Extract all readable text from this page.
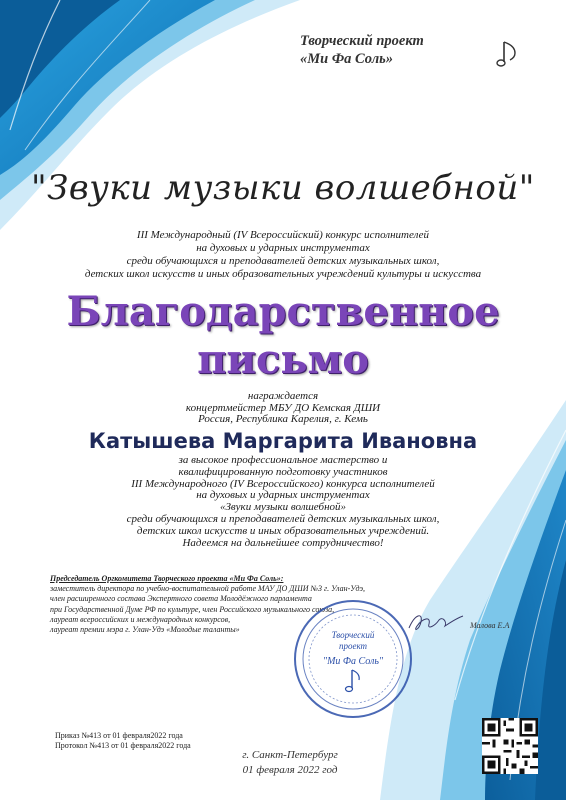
Творческий проект
«Ми Фа Соль»
"Звуки музыки волшебной"
III Международный (IV Всероссийский) конкурс исполнителей
на духовых и ударных инструментах
среди обучающихся и преподавателей детских музыкальных школ,
детских школ искусств и иных образовательных учреждений культуры и искусства
Благодарственное
письмо
награждается
концертмейстер МБУ ДО Кемская ДШИ
Россия, Республика Карелия, г. Кемь
Катышева Маргарита Ивановна
за высокое профессиональное мастерство и
квалифицированную подготовку участников
III Международного (IV Всероссийского) конкурса исполнителей
на духовых и ударных инструментах
«Звуки музыки волшебной»
среди обучающихся и преподавателей детских музыкальных школ,
детских школ искусств и иных образовательных учреждений.
Надеемся на дальнейшее сотрудничество!
Председатель Оргкомитета Творческого проекта «Ми Фа Соль»:
заместитель директора по учебно-воспитательной работе МАУ ДО ДШИ №3 г. Улан-Удэ,
член расширенного состава Экспертного совета Молодёжного парламента
при Государственной Думе РФ по культуре, член Российского музыкального союза,
лауреат всероссийских и международных конкурсов,
лауреат премии мэра г. Улан-Удэ «Молодые таланты»
Творческий
проект
"Ми Фа Соль"
Малова Е.А
Приказ №413 от 01 февраля2022 года
Протокол №413 от 01 февраля2022 года
г. Санкт-Петербург
01 февраля 2022 год
